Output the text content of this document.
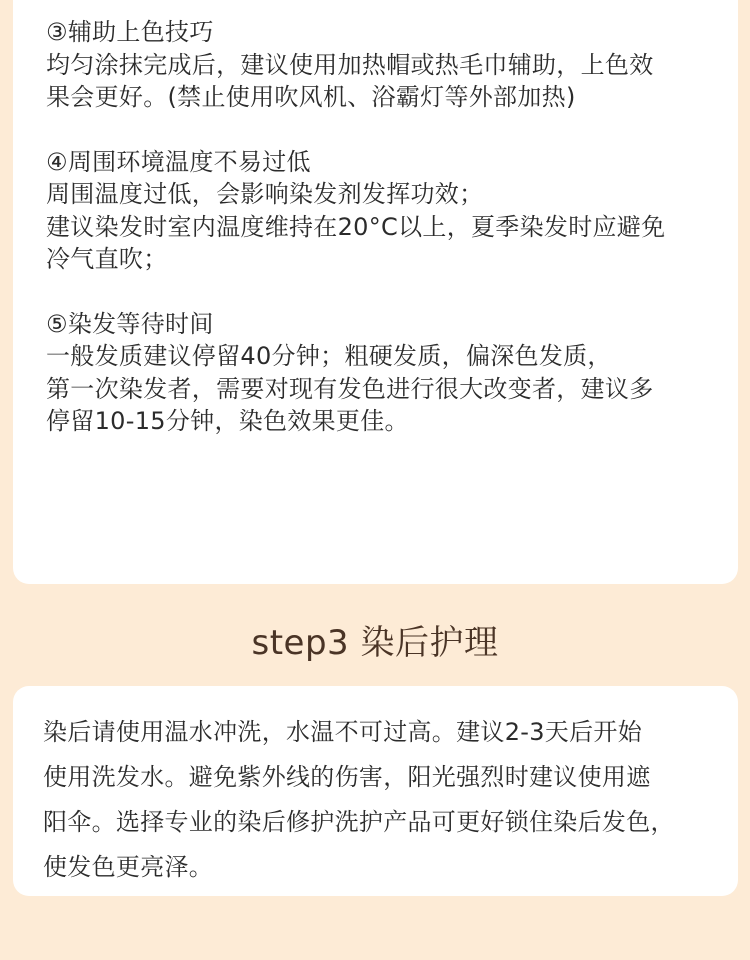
③辅助上色技巧
均匀涂抹完成后，建议使用加热帽或热毛巾辅助，上色效
果会更好。(禁止使用吹风机、浴霸灯等外部加热)
④周围环境温度不易过低
周围温度过低，会影响染发剂发挥功效；
建议染发时室内温度维持在20°C以上，夏季染发时应避免
冷气直吹；
⑤染发等待时间
一般发质建议停留40分钟；粗硬发质，偏深色发质，
第一次染发者，需要对现有发色进行很大改变者，建议多
停留10-15分钟，染色效果更佳。
step3 染后护理
染后请使用温水冲洗，水温不可过高。建议2-3天后开始
使用洗发水。避免紫外线的伤害，阳光强烈时建议使用遮
阳伞。选择专业的染后修护洗护产品可更好锁住染后发色，
使发色更亮泽。
